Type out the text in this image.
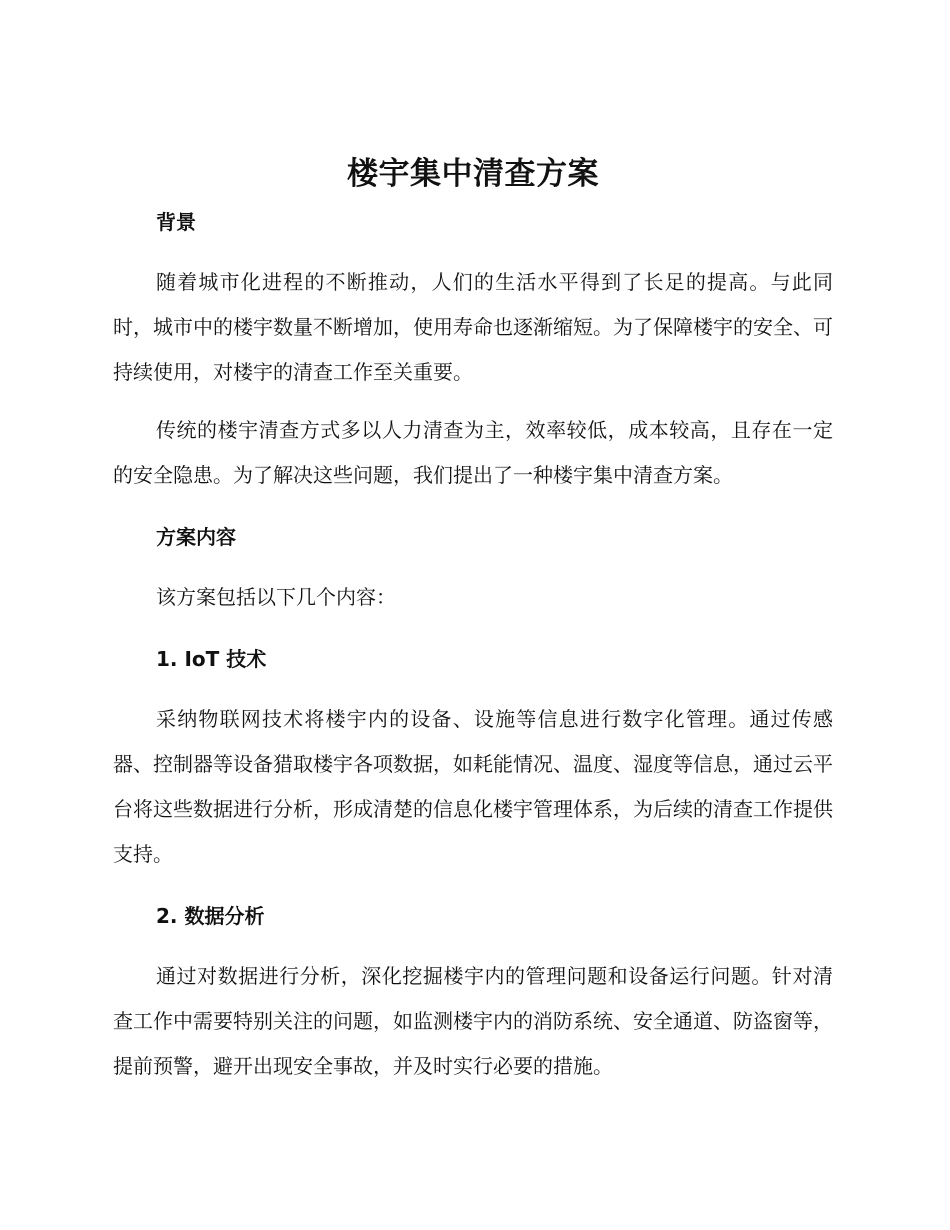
楼宇集中清查方案
背景

随着城市化进程的不断推动，人们的生活水平得到了长足的提高。与此同时，城市中的楼宇数量不断增加，使用寿命也逐渐缩短。为了保障楼宇的安全、可持续使用，对楼宇的清查工作至关重要。

传统的楼宇清查方式多以人力清查为主，效率较低，成本较高，且存在一定的安全隐患。为了解决这些问题，我们提出了一种楼宇集中清查方案。

方案内容

该方案包括以下几个内容：

1. IoT 技术

采纳物联网技术将楼宇内的设备、设施等信息进行数字化管理。通过传感器、控制器等设备猎取楼宇各项数据，如耗能情况、温度、湿度等信息，通过云平台将这些数据进行分析，形成清楚的信息化楼宇管理体系，为后续的清查工作提供支持。

2. 数据分析

通过对数据进行分析，深化挖掘楼宇内的管理问题和设备运行问题。针对清查工作中需要特别关注的问题，如监测楼宇内的消防系统、安全通道、防盗窗等，提前预警，避开出现安全事故，并及时实行必要的措施。
